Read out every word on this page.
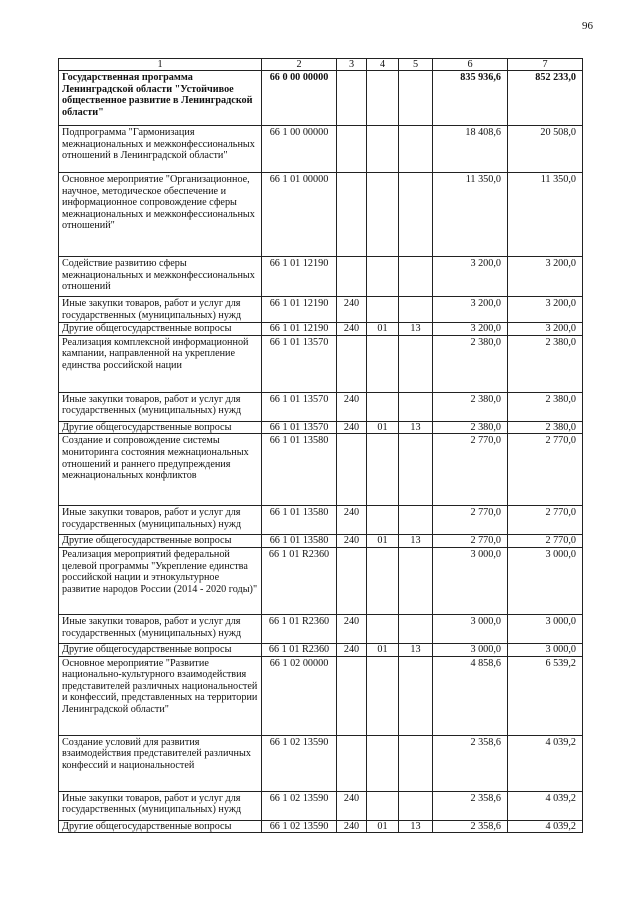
96
1	2	3	4	5	6	7
Государственная программа Ленинградской области "Устойчивое общественное развитие в Ленинградской области"	66 0 00 00000				835 936,6	852 233,0
Подпрограмма "Гармонизация межнациональных и межконфессиональных отношений в Ленинградской области"	66 1 00 00000				18 408,6	20 508,0
Основное мероприятие "Организационное, научное, методическое обеспечение и информационное сопровождение сферы межнациональных и межконфессиональных отношений"	66 1 01 00000				11 350,0	11 350,0
Содействие развитию сферы межнациональных и межконфессиональных отношений	66 1 01 12190				3 200,0	3 200,0
Иные закупки товаров, работ и услуг для государственных (муниципальных) нужд	66 1 01 12190	240			3 200,0	3 200,0
Другие общегосударственные вопросы	66 1 01 12190	240	01	13	3 200,0	3 200,0
Реализация комплексной информационной кампании, направленной на укрепление единства российской нации	66 1 01 13570				2 380,0	2 380,0
Иные закупки товаров, работ и услуг для государственных (муниципальных) нужд	66 1 01 13570	240			2 380,0	2 380,0
Другие общегосударственные вопросы	66 1 01 13570	240	01	13	2 380,0	2 380,0
Создание и сопровождение системы мониторинга состояния межнациональных отношений и раннего предупреждения межнациональных конфликтов	66 1 01 13580				2 770,0	2 770,0
Иные закупки товаров, работ и услуг для государственных (муниципальных) нужд	66 1 01 13580	240			2 770,0	2 770,0
Другие общегосударственные вопросы	66 1 01 13580	240	01	13	2 770,0	2 770,0
Реализация мероприятий федеральной целевой программы "Укрепление единства российской нации и этнокультурное развитие народов России (2014 - 2020 годы)"	66 1 01 R2360				3 000,0	3 000,0
Иные закупки товаров, работ и услуг для государственных (муниципальных) нужд	66 1 01 R2360	240			3 000,0	3 000,0
Другие общегосударственные вопросы	66 1 01 R2360	240	01	13	3 000,0	3 000,0
Основное мероприятие "Развитие национально-культурного взаимодействия представителей различных национальностей и конфессий, представленных на территории Ленинградской области"	66 1 02 00000				4 858,6	6 539,2
Создание условий для развития взаимодействия представителей различных конфессий и национальностей	66 1 02 13590				2 358,6	4 039,2
Иные закупки товаров, работ и услуг для государственных (муниципальных) нужд	66 1 02 13590	240			2 358,6	4 039,2
Другие общегосударственные вопросы	66 1 02 13590	240	01	13	2 358,6	4 039,2
